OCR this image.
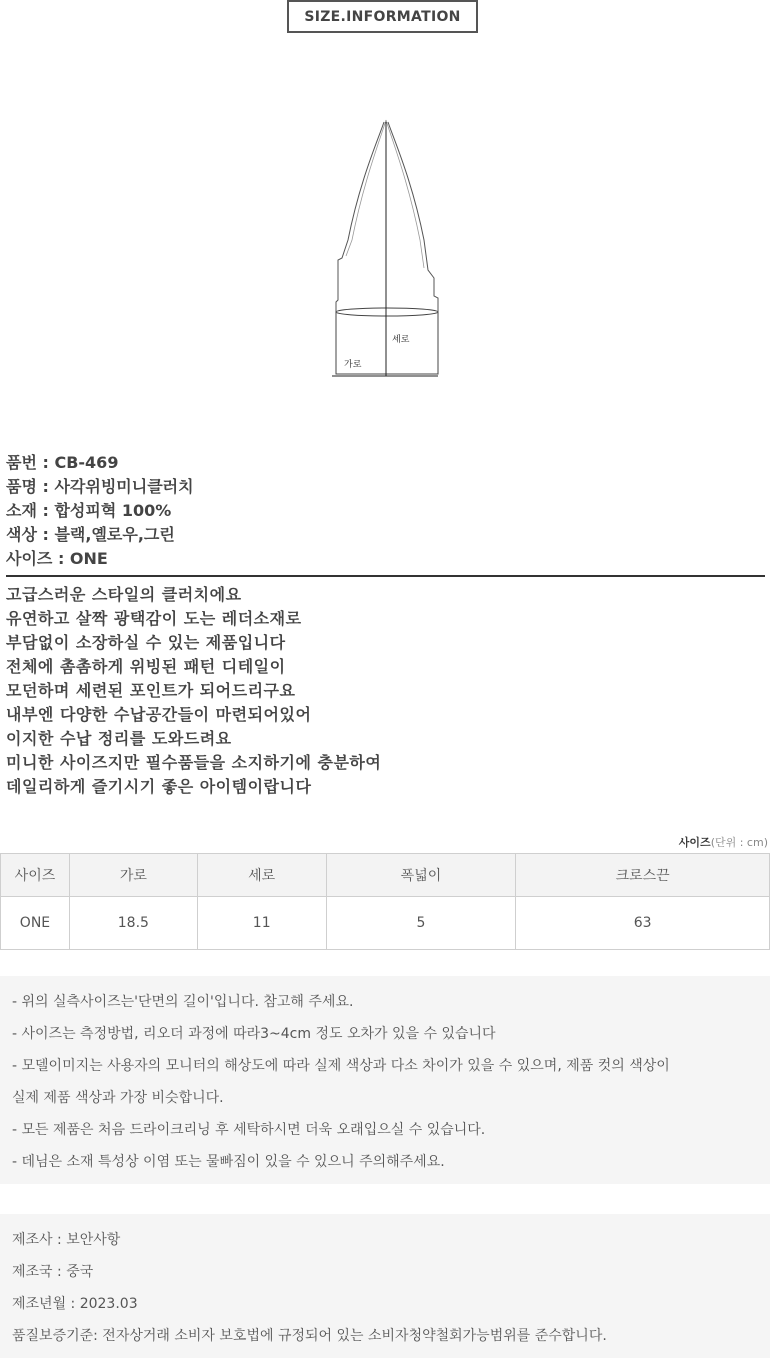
SIZE.INFORMATION
세로
가로
품번 : CB-469
품명 : 사각위빙미니클러치
소재 : 합성피혁 100%
색상 : 블랙,옐로우,그린
사이즈 : ONE
고급스러운 스타일의 클러치에요
유연하고 살짝 광택감이 도는 레더소재로
부담없이 소장하실 수 있는 제품입니다
전체에 촘촘하게 위빙된 패턴 디테일이
모던하며 세련된 포인트가 되어드리구요
내부엔 다양한 수납공간들이 마련되어있어
이지한 수납 정리를 도와드려요
미니한 사이즈지만 필수품들을 소지하기에 충분하여
데일리하게 즐기시기 좋은 아이템이랍니다
사이즈(단위 : cm)
사이즈	가로	세로	폭넓이	크로스끈
ONE	18.5	11	5	63
- 위의 실측사이즈는'단면의 길이'입니다. 참고해 주세요.
- 사이즈는 측정방법, 리오더 과정에 따라3~4cm 정도 오차가 있을 수 있습니다
- 모델이미지는 사용자의 모니터의 해상도에 따라 실제 색상과 다소 차이가 있을 수 있으며, 제품 컷의 색상이
실제 제품 색상과 가장 비슷합니다.
- 모든 제품은 처음 드라이크리닝 후 세탁하시면 더욱 오래입으실 수 있습니다.
- 데님은 소재 특성상 이염 또는 물빠짐이 있을 수 있으니 주의해주세요.
제조사 : 보안사항
제조국 : 중국
제조년월 : 2023.03
품질보증기준: 전자상거래 소비자 보호법에 규정되어 있는 소비자청약철회가능범위를 준수합니다.
